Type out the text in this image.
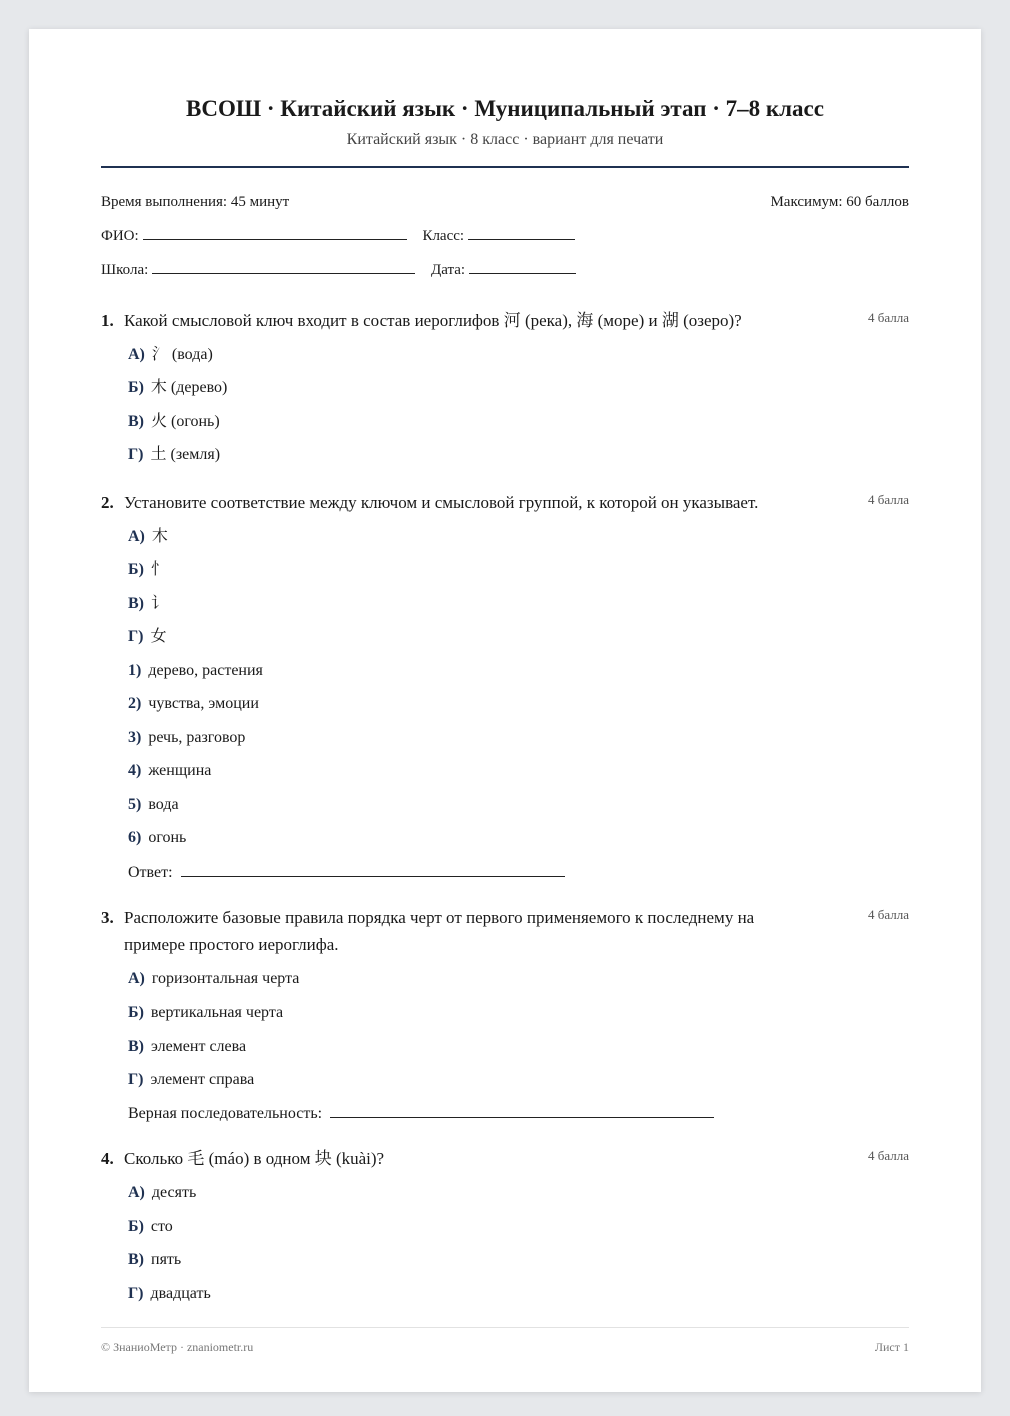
ВСОШ · Китайский язык · Муниципальный этап · 7–8 класс
Китайский язык · 8 класс · вариант для печати
Время выполнения: 45 минут	Максимум: 60 баллов
ФИО:
	Класс:
Школа:
	Дата:
1. Какой смысловой ключ входит в состав иероглифов 河 (река), 海 (море) и 湖 (озеро)?	4 балла
А) 氵 (вода)
Б) 木 (дерево)
В) 火 (огонь)
Г) 土 (земля)
2. Установите соответствие между ключом и смысловой группой, к которой он указывает.	4 балла
А) 木
Б) 忄
В) 讠
Г) 女
1) дерево, растения
2) чувства, эмоции
3) речь, разговор
4) женщина
5) вода
6) огонь
Ответ:
3. Расположите базовые правила порядка черт от первого применяемого к последнему на примере простого иероглифа.
4 балла
А) горизонтальная черта
Б) вертикальная черта
В) элемент слева
Г) элемент справа
Верная последовательность:
4. Сколько 毛 (máo) в одном 块 (kuài)?	4 балла
А) десять
Б) сто
В) пять
Г) двадцать
© ЗнаниоМетр · znaniometr.ru	Лист 1
